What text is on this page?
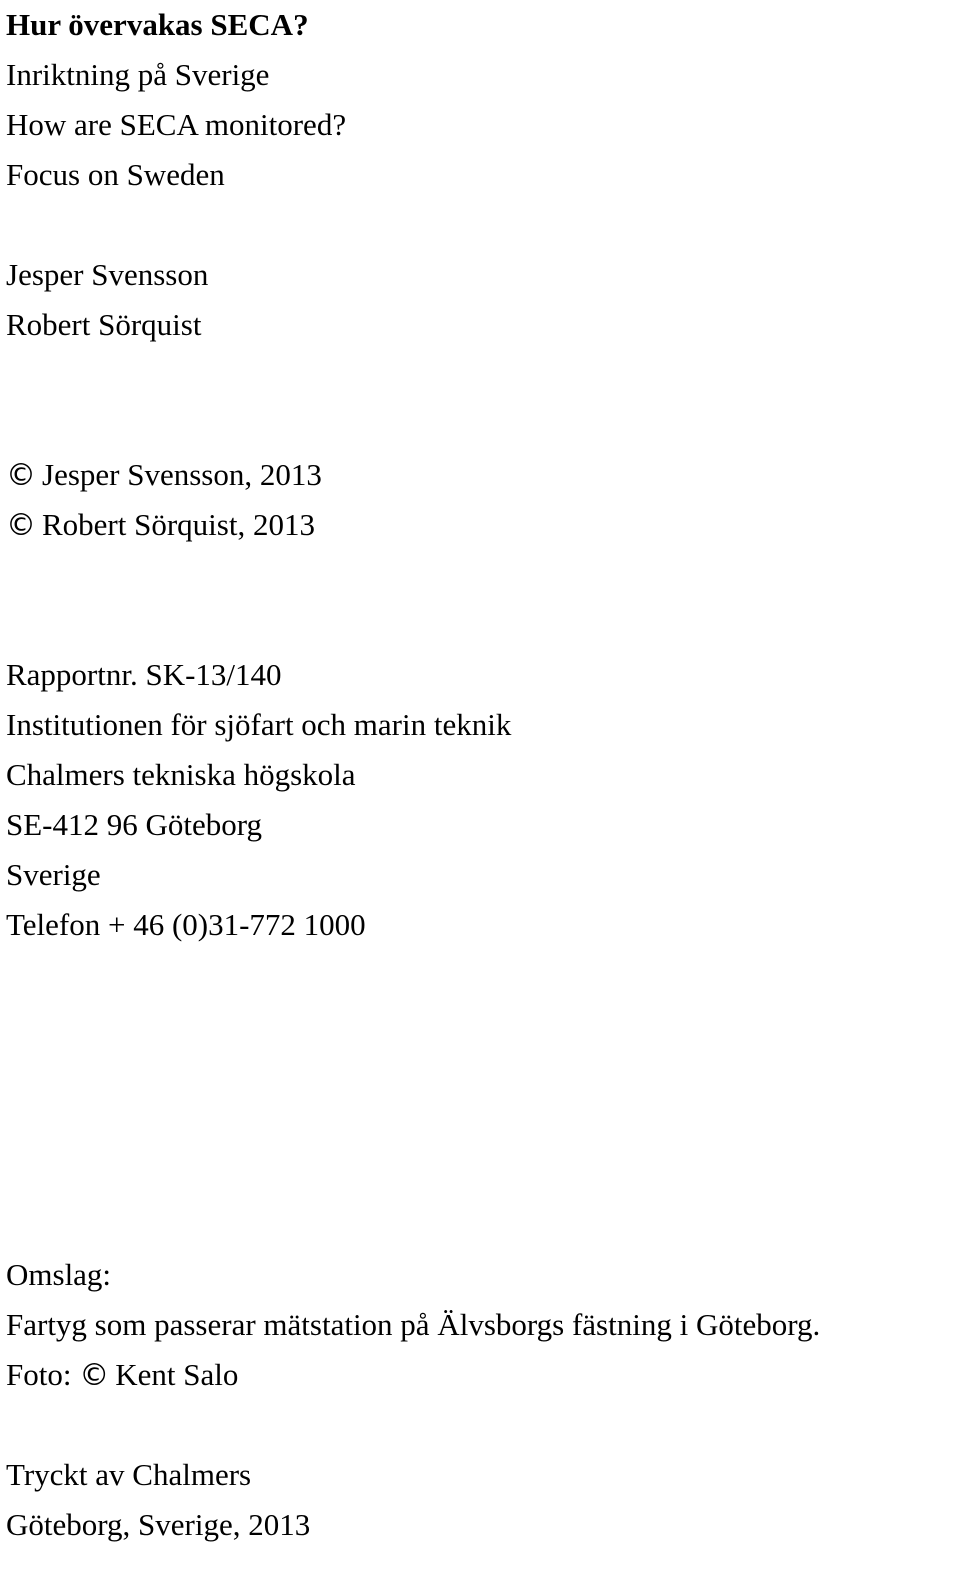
Hur övervakas SECA?

Inriktning på Sverige

How are SECA monitored?

Focus on Sweden

Jesper Svensson

Robert Sörquist

© Jesper Svensson, 2013

© Robert Sörquist, 2013

Rapportnr. SK-13/140

Institutionen för sjöfart och marin teknik

Chalmers tekniska högskola

SE-412 96 Göteborg

Sverige

Telefon + 46 (0)31-772 1000

Omslag:

Fartyg som passerar mätstation på Älvsborgs fästning i Göteborg.

Foto: © Kent Salo

Tryckt av Chalmers

Göteborg, Sverige, 2013
